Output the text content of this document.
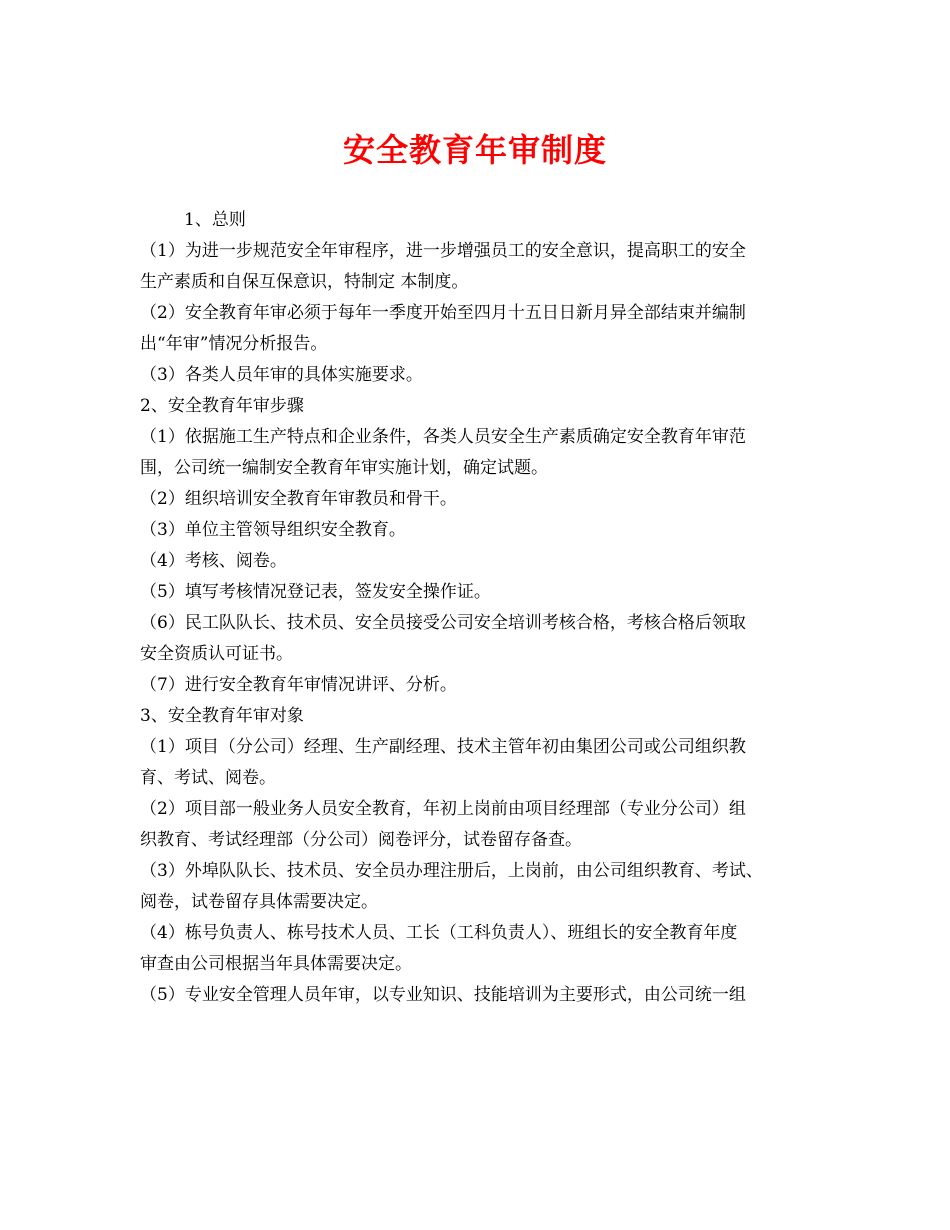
安全教育年审制度
1、总则
（1）为进一步规范安全年审程序，进一步增强员工的安全意识，提高职工的安全
生产素质和自保互保意识，特制定 本制度。
（2）安全教育年审必须于每年一季度开始至四月十五日日新月异全部结束并编制
出“年审”情况分析报告。
（3）各类人员年审的具体实施要求。
2、安全教育年审步骤
（1）依据施工生产特点和企业条件，各类人员安全生产素质确定安全教育年审范
围，公司统一编制安全教育年审实施计划，确定试题。
（2）组织培训安全教育年审教员和骨干。
（3）单位主管领导组织安全教育。
（4）考核、阅卷。
（5）填写考核情况登记表，签发安全操作证。
（6）民工队队长、技术员、安全员接受公司安全培训考核合格，考核合格后领取
安全资质认可证书。
（7）进行安全教育年审情况讲评、分析。
3、安全教育年审对象
（1）项目（分公司）经理、生产副经理、技术主管年初由集团公司或公司组织教
育、考试、阅卷。
（2）项目部一般业务人员安全教育，年初上岗前由项目经理部（专业分公司）组
织教育、考试经理部（分公司）阅卷评分，试卷留存备查。
（3）外埠队队长、技术员、安全员办理注册后，上岗前，由公司组织教育、考试、
阅卷，试卷留存具体需要决定。
（4）栋号负责人、栋号技术人员、工长（工科负责人）、班组长的安全教育年度
审查由公司根据当年具体需要决定。
（5）专业安全管理人员年审，以专业知识、技能培训为主要形式，由公司统一组
